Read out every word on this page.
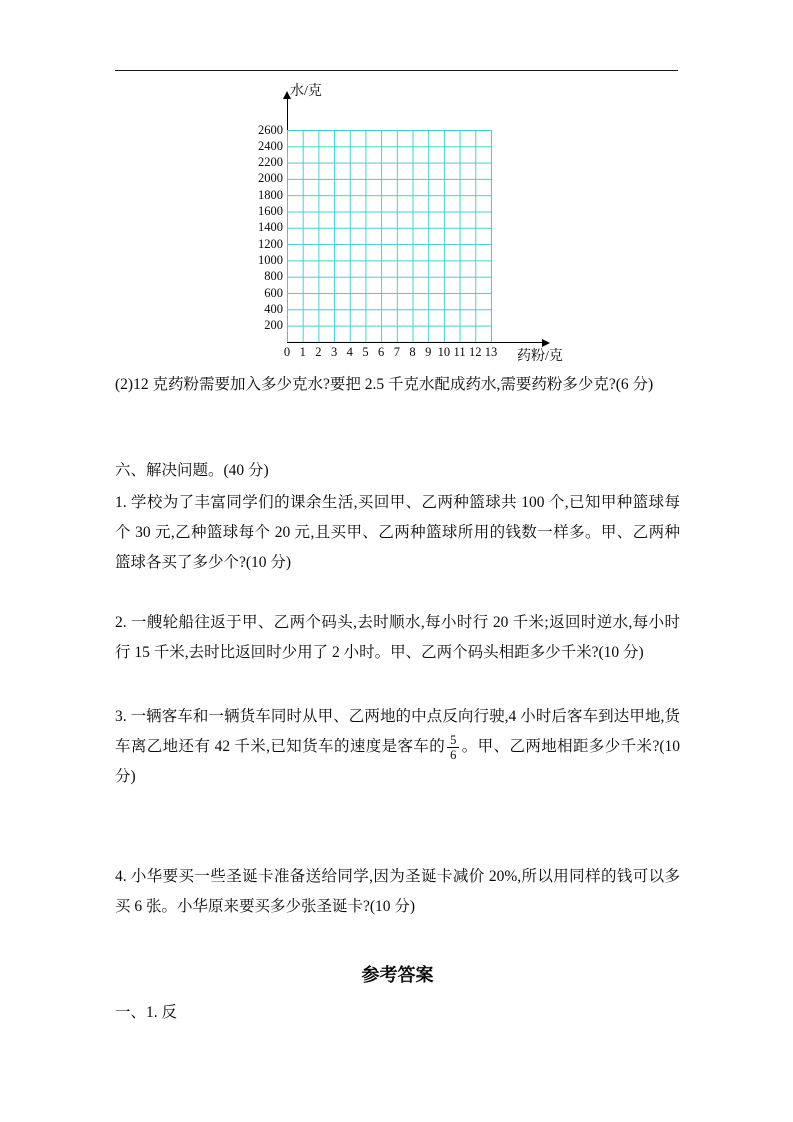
水/克
2600
2400
2200
2000
1800
1600
1400
1200
1000
800
600
400
200
0 1 2 3 4 5 6 7 8 9 10 11 12 13 药粉/克

(2)12 克药粉需要加入多少克水?要把 2.5 千克水配成药水,需要药粉多少克?(6 分)

六、解决问题。(40 分)

1. 学校为了丰富同学们的课余生活,买回甲、乙两种篮球共 100 个,已知甲种篮球每个 30 元,乙种篮球每个 20 元,且买甲、乙两种篮球所用的钱数一样多。甲、乙两种篮球各买了多少个?(10 分)

2. 一艘轮船往返于甲、乙两个码头,去时顺水,每小时行 20 千米;返回时逆水,每小时行 15 千米,去时比返回时少用了 2 小时。甲、乙两个码头相距多少千米?(10 分)

3. 一辆客车和一辆货车同时从甲、乙两地的中点反向行驶,4 小时后客车到达甲地,货车离乙地还有 42 千米,已知货车的速度是客车的 $\frac{5}{6}$ 。甲、乙两地相距多少千米?(10 分)

4. 小华要买一些圣诞卡准备送给同学,因为圣诞卡减价 20%,所以用同样的钱可以多买 6 张。小华原来要买多少张圣诞卡?(10 分)

参考答案

一、1. 反
